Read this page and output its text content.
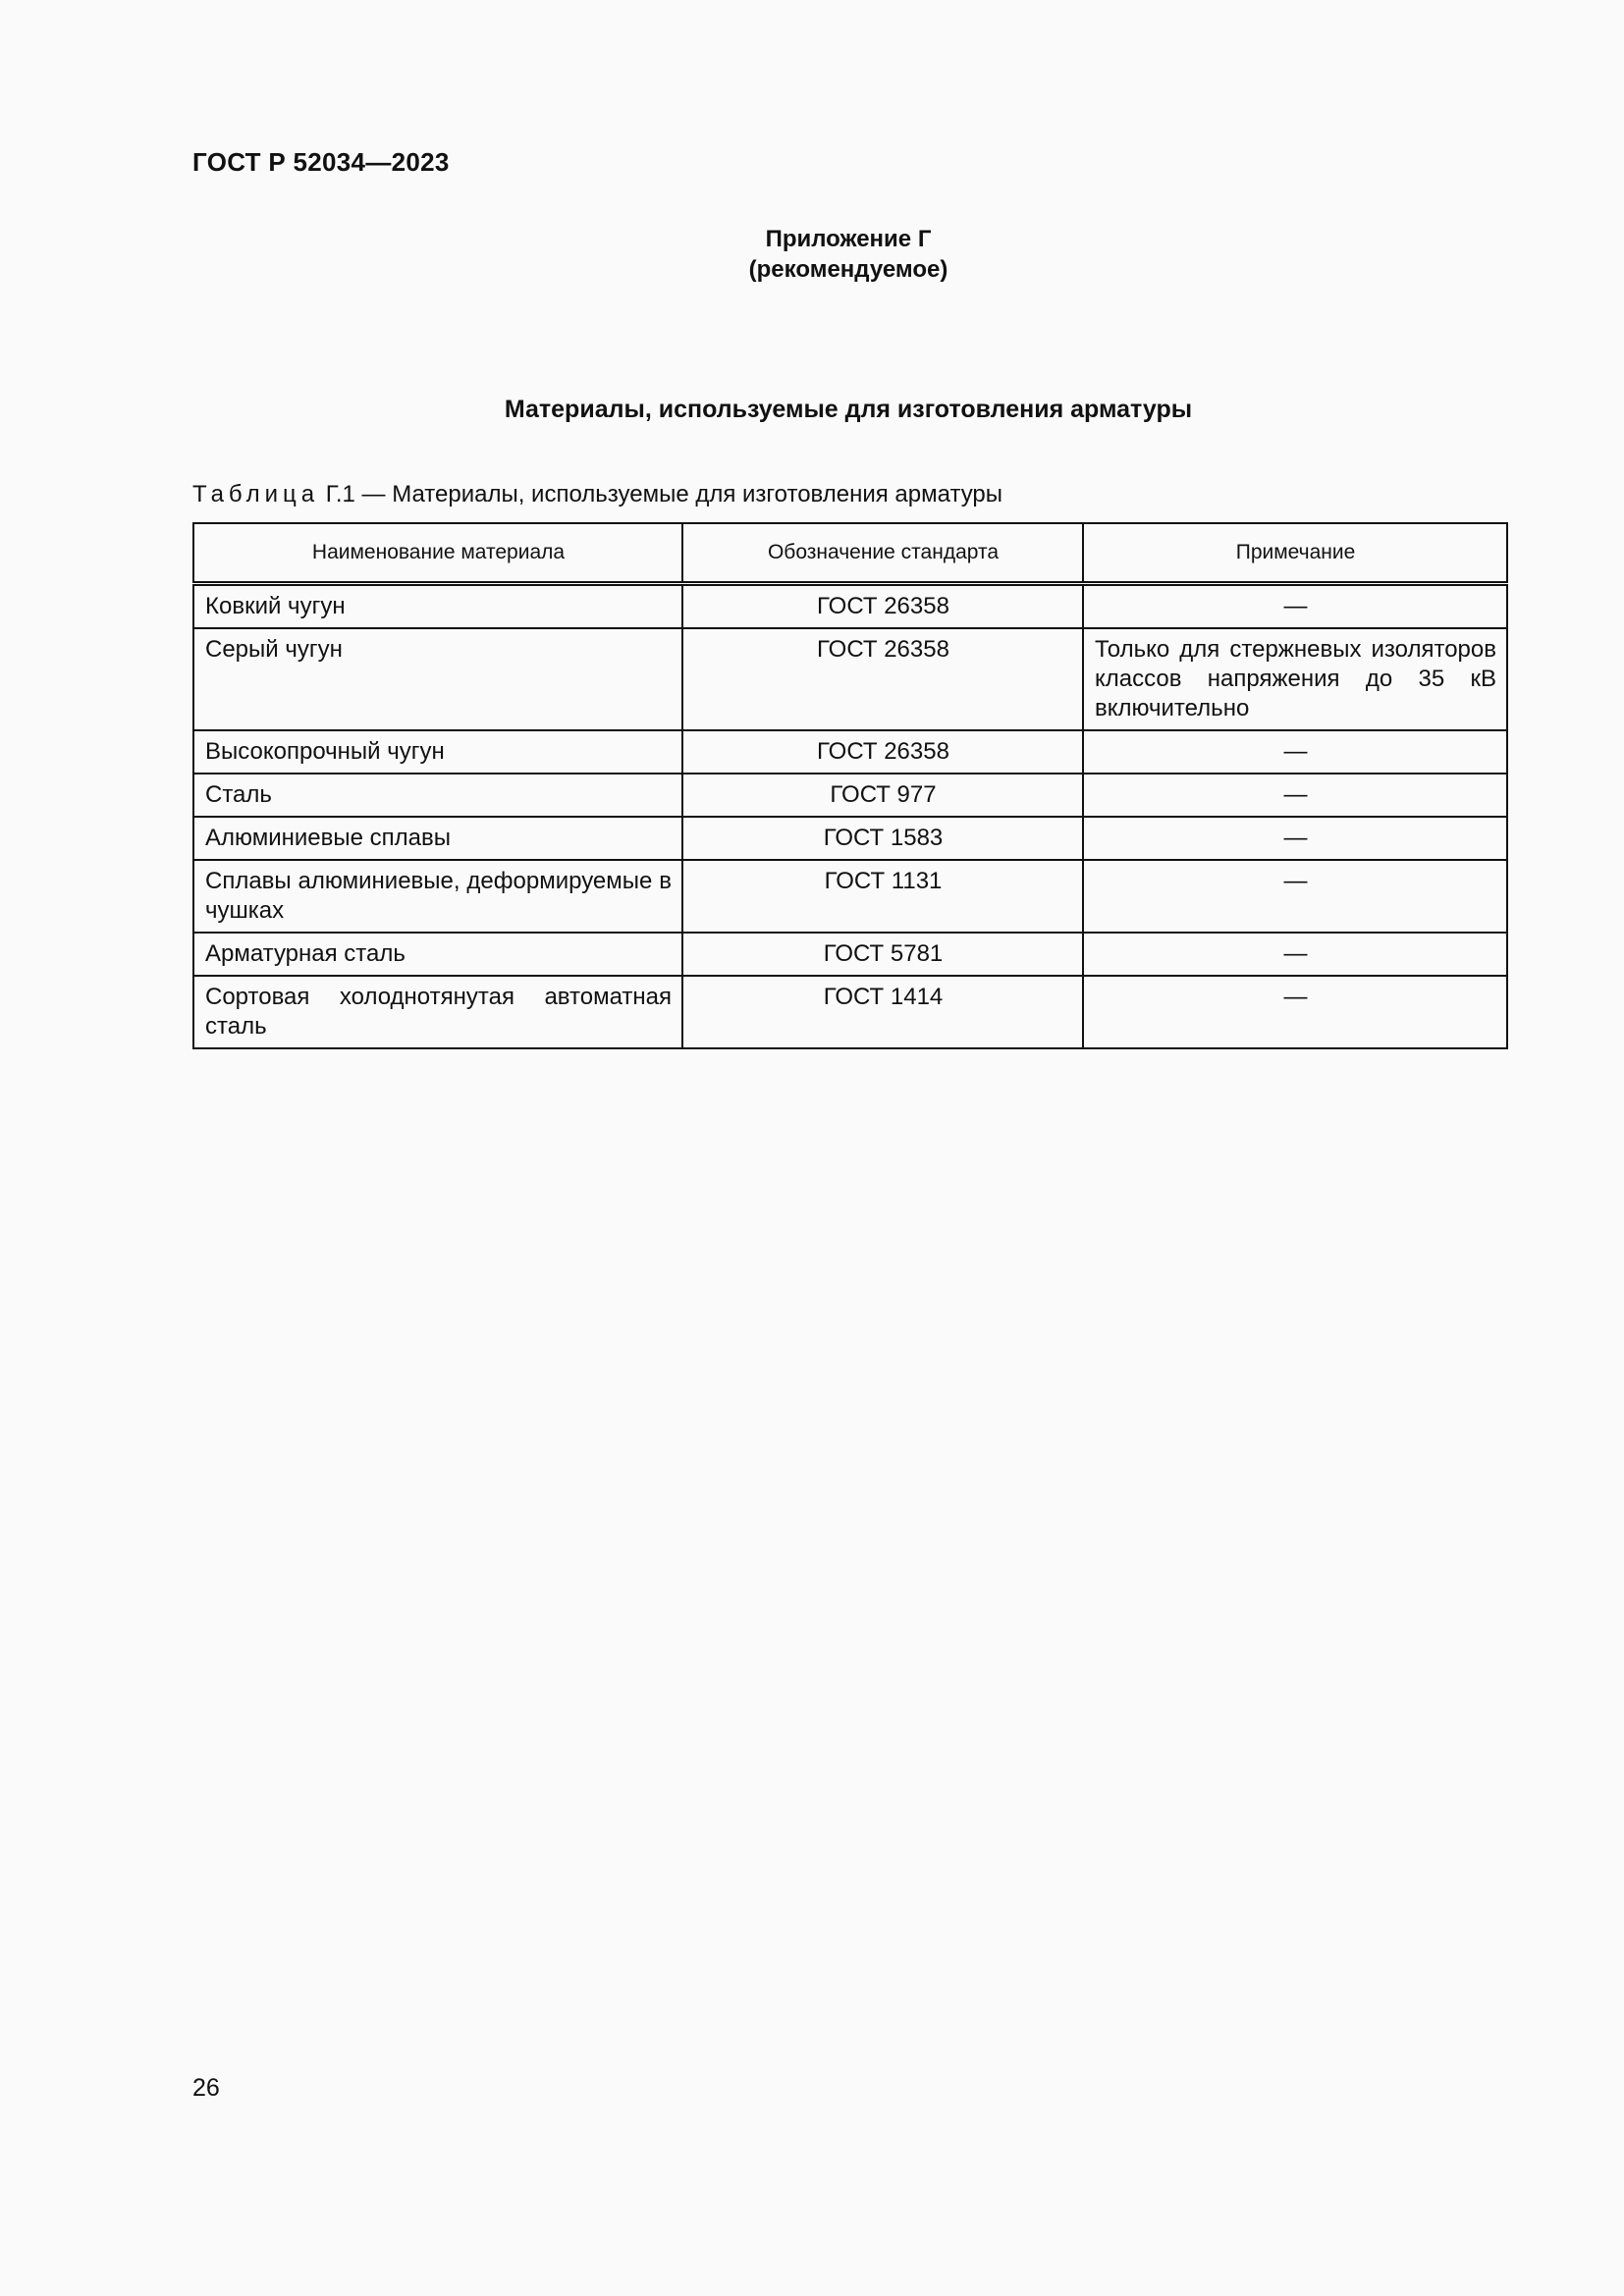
ГОСТ Р 52034—2023
Приложение Г
(рекомендуемое)
Материалы, используемые для изготовления арматуры
Таблица Г.1 — Материалы, используемые для изготовления арматуры
Наименование материала	Обозначение стандарта	Примечание
Ковкий чугун	ГОСТ 26358	—
Серый чугун	ГОСТ 26358	Только для стержневых изоляторов классов напряжения до 35 кВ включительно
Высокопрочный чугун	ГОСТ 26358	—
Сталь	ГОСТ 977	—
Алюминиевые сплавы	ГОСТ 1583	—
Сплавы алюминиевые, деформируемые в чушках	ГОСТ 1131	—
Арматурная сталь	ГОСТ 5781	—
Сортовая холоднотянутая автоматная сталь	ГОСТ 1414	—
26
